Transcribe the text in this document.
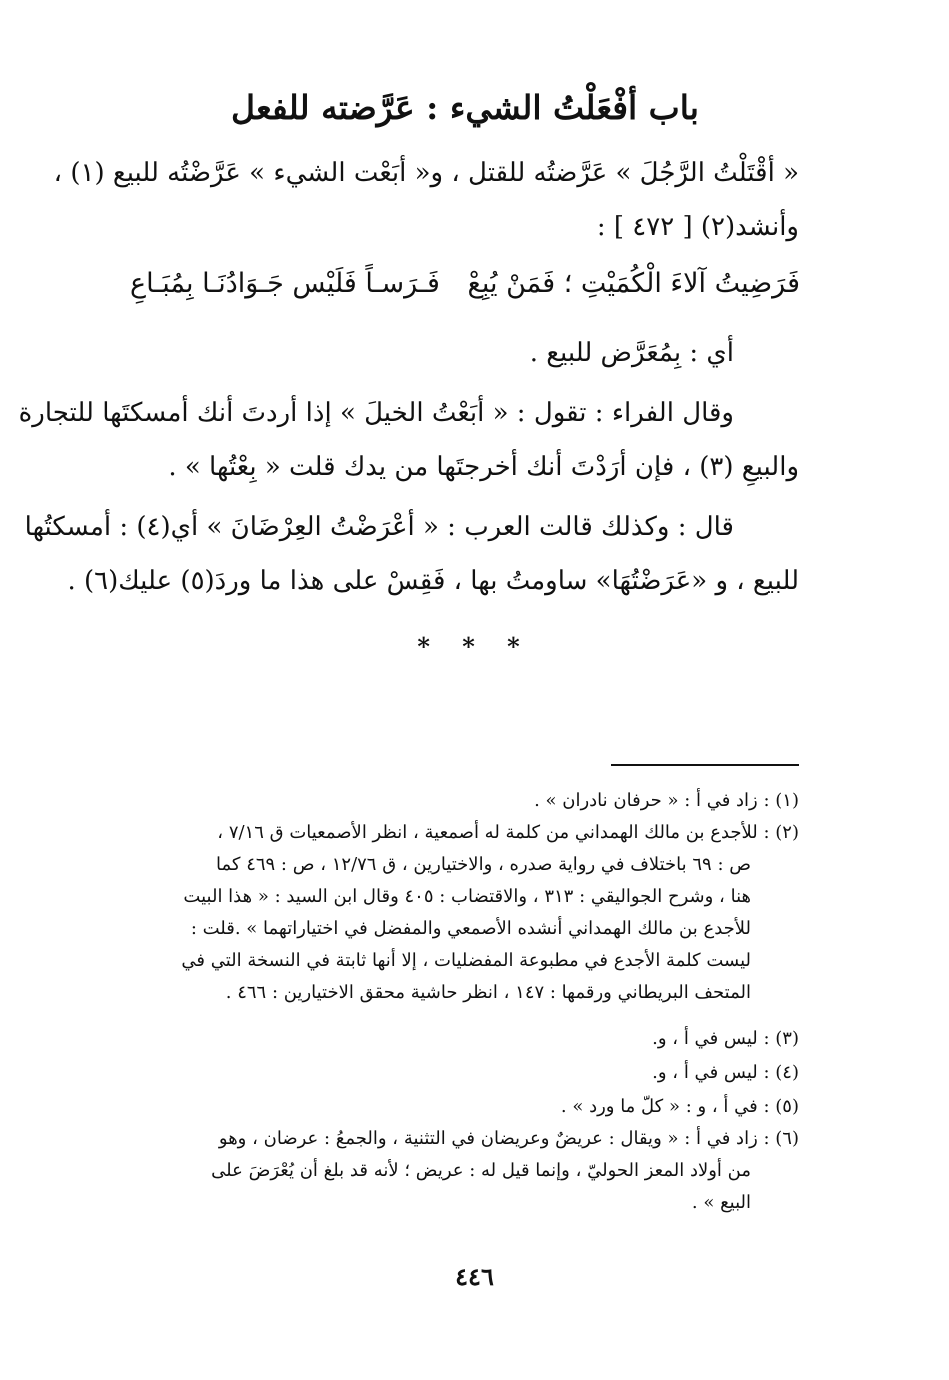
باب أفْعَلْتُ الشيء : عَرَّضته للفعل
« أقْتَلْتُ الرَّجُلَ » عَرَّضتُه للقتل ، و« أبَعْت الشيء » عَرَّضْتُه للبيع (١) ،
وأنشد(٢) [ ٤٧٢ ] :
فَـرَسـاً فَلَيْس جَـوَادُنَـا بِمُبَـاعِ فَرَضِيتُ آلاءَ الْكُمَيْتِ ؛ فَمَنْ يُبِعْ
أي : بِمُعَرَّض للبيع .
وقال الفراء : تقول : « أبَعْتُ الخيلَ » إذا أردتَ أنك أمسكتَها للتجارة
والبيعِ (٣) ، فإن أرَدْتَ أنك أخرجتَها من يدك قلت « بِعْتُها » .
قال : وكذلك قالت العرب : « أعْرَضْتُ العِرْضَانَ » أي(٤) : أمسكتُها
للبيع ، و «عَرَضْتُهَا» ساومتُ بها ، فَقِسْ على هذا ما وردَ(٥) عليك(٦) .
* * *
(١) : زاد في أ : « حرفان نادران » .
(٢) : للأجدع بن مالك الهمداني من كلمة له أصمعية ، انظر الأصمعيات ق ٧/١٦ ،
ص : ٦٩ باختلاف في رواية صدره ، والاختيارين ، ق ١٢/٧٦ ، ص : ٤٦٩ كما
هنا ، وشرح الجواليقي : ٣١٣ ، والاقتضاب : ٤٠٥ وقال ابن السيد : « هذا البيت
للأجدع بن مالك الهمداني أنشده الأصمعي والمفضل في اختياراتهما » .قلت :
ليست كلمة الأجدع في مطبوعة المفضليات ، إلا أنها ثابتة في النسخة التي في
المتحف البريطاني ورقمها : ١٤٧ ، انظر حاشية محقق الاختيارين : ٤٦٦ .
(٣) : ليس في أ ، و.
(٤) : ليس في أ ، و.
(٥) : في أ ، و : « كلّ ما ورد » .
(٦) : زاد في أ : « ويقال : عريضٌ وعريضان في التثنية ، والجمعُ : عرضان ، وهو
من أولاد المعز الحوليّ ، وإنما قيل له : عريض ؛ لأنه قد بلغ أن يُعْرَضَ على
البيع » .
٤٤٦
